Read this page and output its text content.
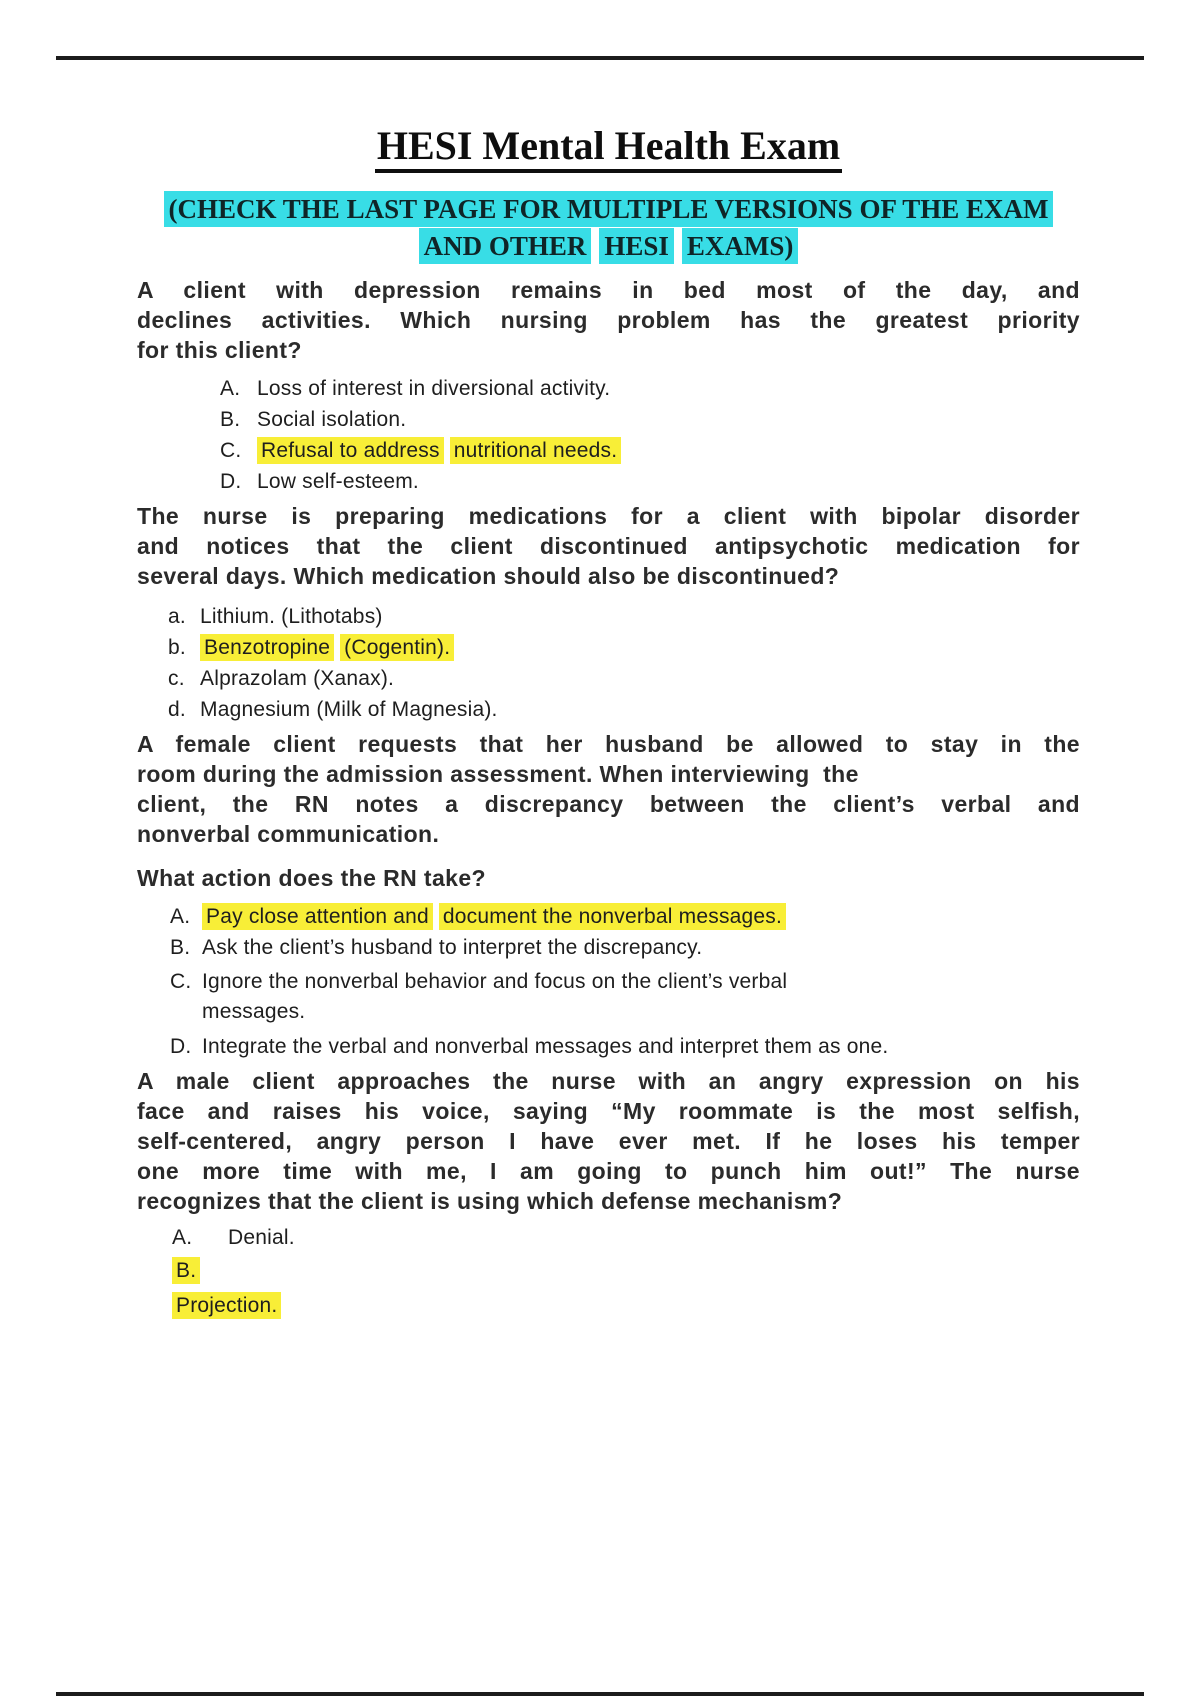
HESI Mental Health Exam
(CHECK THE LAST PAGE FOR MULTIPLE VERSIONS OF THE EXAM
AND OTHER HESI EXAMS)
A client with depression remains in bed most of the day, and
declines activities. Which nursing problem has the greatest priority
for this client?
A. Loss of interest in diversional activity.
B. Social isolation.
C. Refusal to address nutritional needs.
D. Low self-esteem.
The nurse is preparing medications for a client with bipolar disorder
and notices that the client discontinued antipsychotic medication for
several days. Which medication should also be discontinued?
a. Lithium. (Lithotabs)
b. Benzotropine (Cogentin).
c. Alprazolam (Xanax).
d. Magnesium (Milk of Magnesia).
A female client requests that her husband be allowed to stay in the
room during the admission assessment. When interviewing  the
client, the RN notes a discrepancy between the client’s verbal and
nonverbal communication.
What action does the RN take?
A. Pay close attention and document the nonverbal messages.
B. Ask the client’s husband to interpret the discrepancy.
C. Ignore the nonverbal behavior and focus on the client’s verbal
messages.
D. Integrate the verbal and nonverbal messages and interpret them as one.
A male client approaches the nurse with an angry expression on his
face and raises his voice, saying “My roommate is the most selfish,
self-centered, angry person I have ever met. If he loses his temper
one more time with me, I am going to punch him out!” The nurse
recognizes that the client is using which defense mechanism?
A.	Denial.
B.
Projection.
